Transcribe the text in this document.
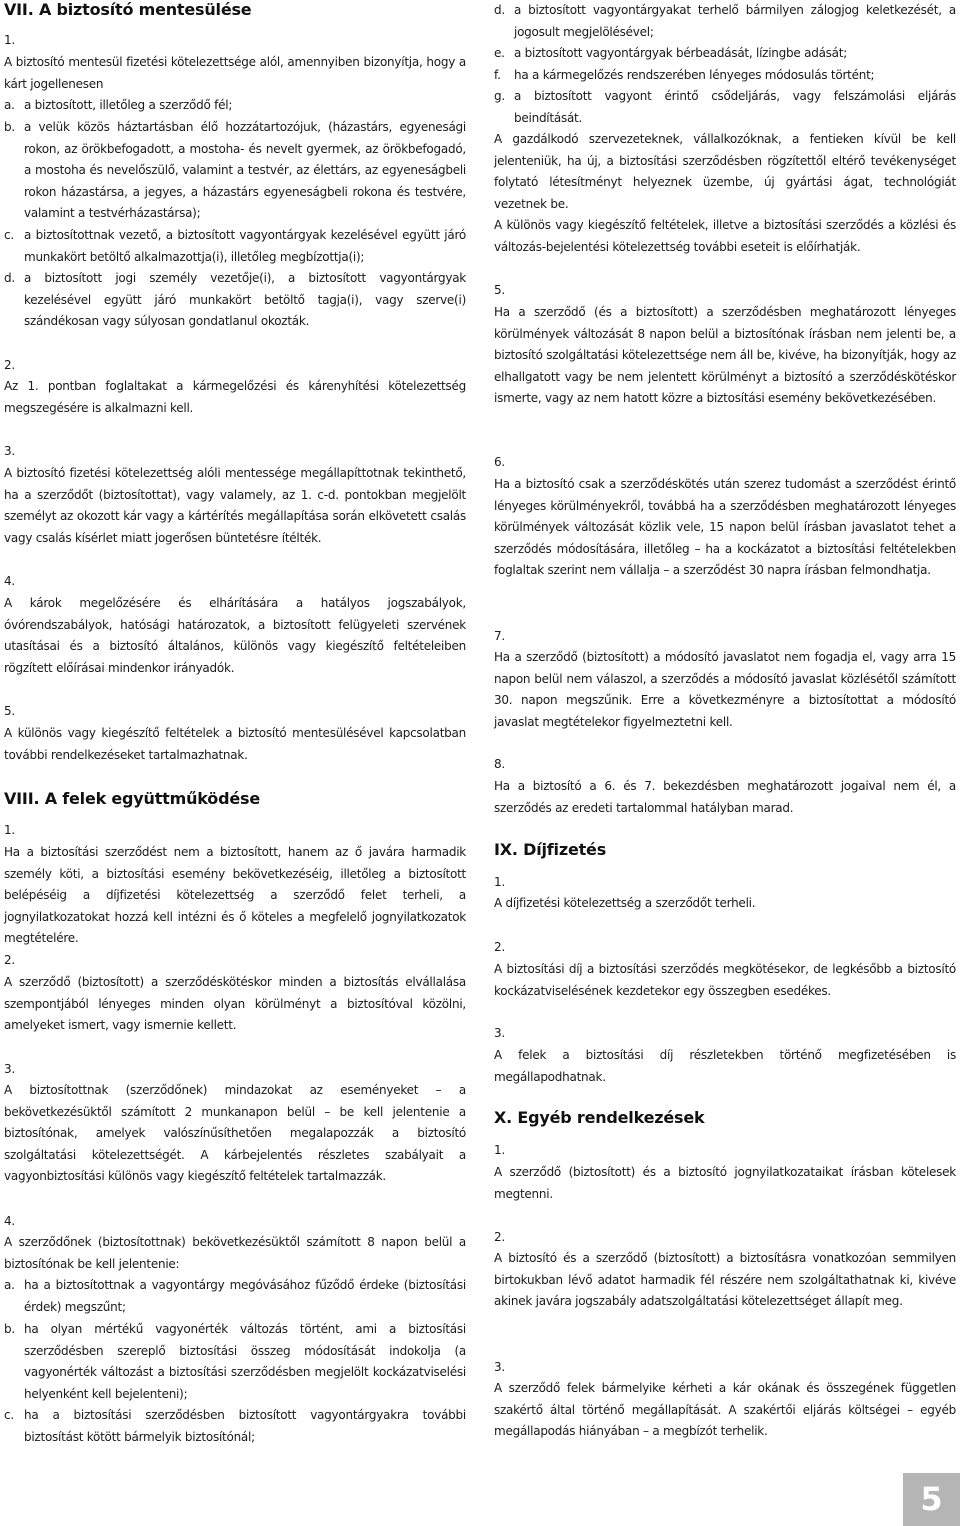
VII. A biztosító mentesülése
1.
A biztosító mentesül fizetési kötelezettsége alól, amennyiben bizonyítja, hogy a kárt jogellenesen
a. a biztosított, illetőleg a szerződő fél;
b. a velük közös háztartásban élő hozzátartozójuk, (házastárs, egyenesági rokon, az örökbefogadott, a mostoha- és nevelt gyermek, az örökbefogadó, a mostoha és nevelőszülő, valamint a testvér, az élettárs, az egyeneságbeli rokon házastársa, a jegyes, a házastárs egyeneságbeli rokona és testvére, valamint a testvérházastársa);
c. a biztosítottnak vezető, a biztosított vagyontárgyak kezelésével együtt járó munkakört betöltő alkalmazottja(i), illetőleg megbízottja(i);
d. a biztosított jogi személy vezetője(i), a biztosított vagyontárgyak kezelésével együtt járó munkakört betöltő tagja(i), vagy szerve(i) szándékosan vagy súlyosan gondatlanul okozták.
2.
Az 1. pontban foglaltakat a kármegelőzési és kárenyhítési kötelezettség megszegésére is alkalmazni kell.
3.
A biztosító fizetési kötelezettség alóli mentessége megállapíttotnak tekinthető, ha a szerződőt (biztosítottat), vagy valamely, az 1. c-d. pontokban megjelölt személyt az okozott kár vagy a kártérítés megállapítása során elkövetett csalás vagy csalás kísérlet miatt jogerősen büntetésre ítélték.
4.
A károk megelőzésére és elhárítására a hatályos jogszabályok, óvórendszabályok, hatósági határozatok, a biztosított felügyeleti szervének utasításai és a biztosító általános, különös vagy kiegészítő feltételeiben rögzített előírásai mindenkor irányadók.
5.
A különös vagy kiegészítő feltételek a biztosító mentesülésével kapcsolatban további rendelkezéseket tartalmazhatnak.
VIII. A felek együttműködése
1.
Ha a biztosítási szerződést nem a biztosított, hanem az ő javára harmadik személy köti, a biztosítási esemény bekövetkezéséig, illetőleg a biztosított belépéséig a díjfizetési kötelezettség a szerződő felet terheli, a jognyilatkozatokat hozzá kell intézni és ő köteles a megfelelő jognyilatkozatok megtételére.
2.
A szerződő (biztosított) a szerződéskötéskor minden a biztosítás elvállalása szempontjából lényeges minden olyan körülményt a biztosítóval közölni, amelyeket ismert, vagy ismernie kellett.
3.
A biztosítottnak (szerződőnek) mindazokat az eseményeket – a bekövetkezésüktől számított 2 munkanapon belül – be kell jelentenie a biztosítónak, amelyek valószínűsíthetően megalapozzák a biztosító szolgáltatási kötelezettségét. A kárbejelentés részletes szabályait a vagyonbiztosítási különös vagy kiegészítő feltételek tartalmazzák.
4.
A szerződőnek (biztosítottnak) bekövetkezésüktől számított 8 napon belül a biztosítónak be kell jelentenie:
a. ha a biztosítottnak a vagyontárgy megóvásához fűződő érdeke (biztosítási érdek) megszűnt;
b. ha olyan mértékű vagyonérték változás történt, ami a biztosítási szerződésben szereplő biztosítási összeg módosítását indokolja (a vagyonérték változást a biztosítási szerződésben megjelölt kockázatviselési helyenként kell bejelenteni);
c. ha a biztosítási szerződésben biztosított vagyontárgyakra további biztosítást kötött bármelyik biztosítónál;
d. a biztosított vagyontárgyakat terhelő bármilyen zálogjog keletkezését, a jogosult megjelölésével;
e. a biztosított vagyontárgyak bérbeadását, lízingbe adását;
f.	ha a kármegelőzés rendszerében lényeges módosulás történt;
g. a biztosított vagyont érintő csődeljárás, vagy felszámolási eljárás beindítását.
A gazdálkodó szervezeteknek, vállalkozóknak, a fentieken kívül be kell jelenteniük, ha új, a biztosítási szerződésben rögzítettől eltérő tevékenységet folytató létesítményt helyeznek üzembe, új gyártási ágat, technológiát vezetnek be.
A különös vagy kiegészítő feltételek, illetve a biztosítási szerződés a közlési és változás-bejelentési kötelezettség további eseteit is előírhatják.
5.
Ha a szerződő (és a biztosított) a szerződésben meghatározott lényeges körülmények változását 8 napon belül a biztosítónak írásban nem jelenti be, a biztosító szolgáltatási kötelezettsége nem áll be, kivéve, ha bizonyítják, hogy az elhallgatott vagy be nem jelentett körülményt a biztosító a szerződéskötéskor ismerte, vagy az nem hatott közre a biztosítási esemény bekövetkezésében.
6.
Ha a biztosító csak a szerződéskötés után szerez tudomást a szerződést érintő lényeges körülményekről, továbbá ha a szerződésben meghatározott lényeges körülmények változását közlik vele, 15 napon belül írásban javaslatot tehet a szerződés módosítására, illetőleg – ha a kockázatot a biztosítási feltételekben foglaltak szerint nem vállalja – a szerződést 30 napra írásban felmondhatja.
7.
Ha a szerződő (biztosított) a módosító javaslatot nem fogadja el, vagy arra 15 napon belül nem válaszol, a szerződés a módosító javaslat közlésétől számított 30. napon megszűnik. Erre a következményre a biztosítottat a módosító javaslat megtételekor figyelmeztetni kell.
8.
Ha a biztosító a 6. és 7. bekezdésben meghatározott jogaival nem él, a szerződés az eredeti tartalommal hatályban marad.
IX. Díjfizetés
1.
A díjfizetési kötelezettség a szerződőt terheli.
2.
A biztosítási díj a biztosítási szerződés megkötésekor, de legkésőbb a biztosító kockázatviselésének kezdetekor egy összegben esedékes.
3.
A felek a biztosítási díj részletekben történő megfizetésében is megállapodhatnak.
X. Egyéb rendelkezések
1.
A szerződő (biztosított) és a biztosító jognyilatkozataikat írásban kötelesek megtenni.
2.
A biztosító és a szerződő (biztosított) a biztosításra vonatkozóan semmilyen birtokukban lévő adatot harmadik fél részére nem szolgáltathatnak ki, kivéve akinek javára jogszabály adatszolgáltatási kötelezettséget állapít meg.
3.
A szerződő felek bármelyike kérheti a kár okának és összegének független szakértő által történő megállapítását. A szakértői eljárás költségei – egyéb megállapodás hiányában – a megbízót terhelik.
5
